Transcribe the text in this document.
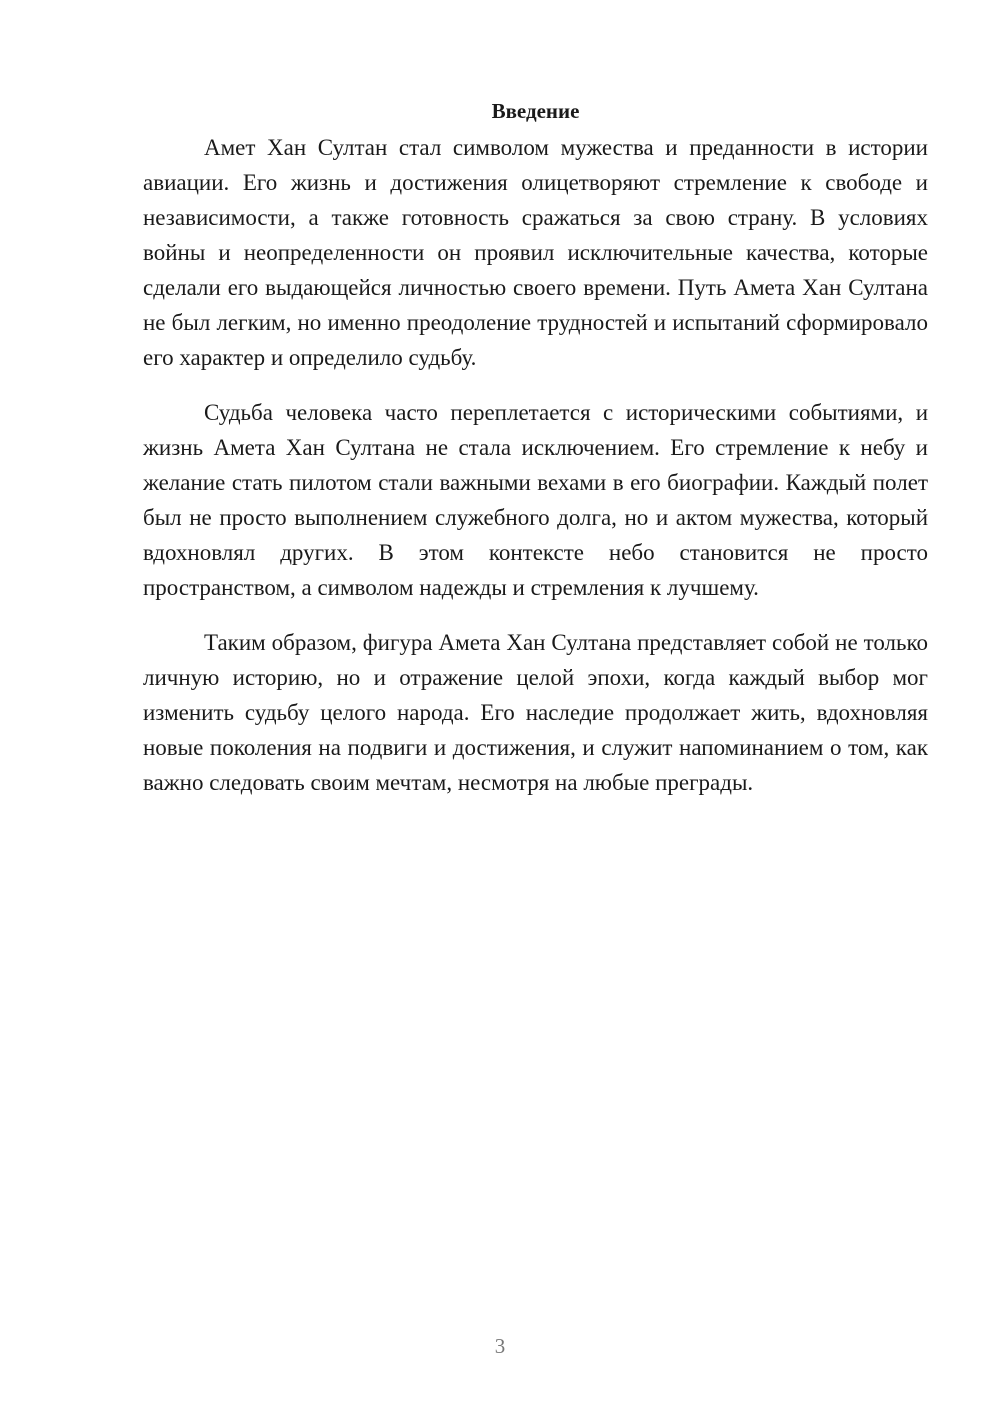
Введение

Амет Хан Султан стал символом мужества и преданности в истории авиации. Его жизнь и достижения олицетворяют стремление к свободе и независимости, а также готовность сражаться за свою страну. В условиях войны и неопределенности он проявил исключительные качества, которые сделали его выдающейся личностью своего времени. Путь Амета Хан Султана не был легким, но именно преодоление трудностей и испытаний сформировало его характер и определило судьбу.

Судьба человека часто переплетается с историческими событиями, и жизнь Амета Хан Султана не стала исключением. Его стремление к небу и желание стать пилотом стали важными вехами в его биографии. Каждый полет был не просто выполнением служебного долга, но и актом мужества, который вдохновлял других. В этом контексте небо становится не просто пространством, а символом надежды и стремления к лучшему.

Таким образом, фигура Амета Хан Султана представляет собой не только личную историю, но и отражение целой эпохи, когда каждый выбор мог изменить судьбу целого народа. Его наследие продолжает жить, вдохновляя новые поколения на подвиги и достижения, и служит напоминанием о том, как важно следовать своим мечтам, несмотря на любые преграды.

3
